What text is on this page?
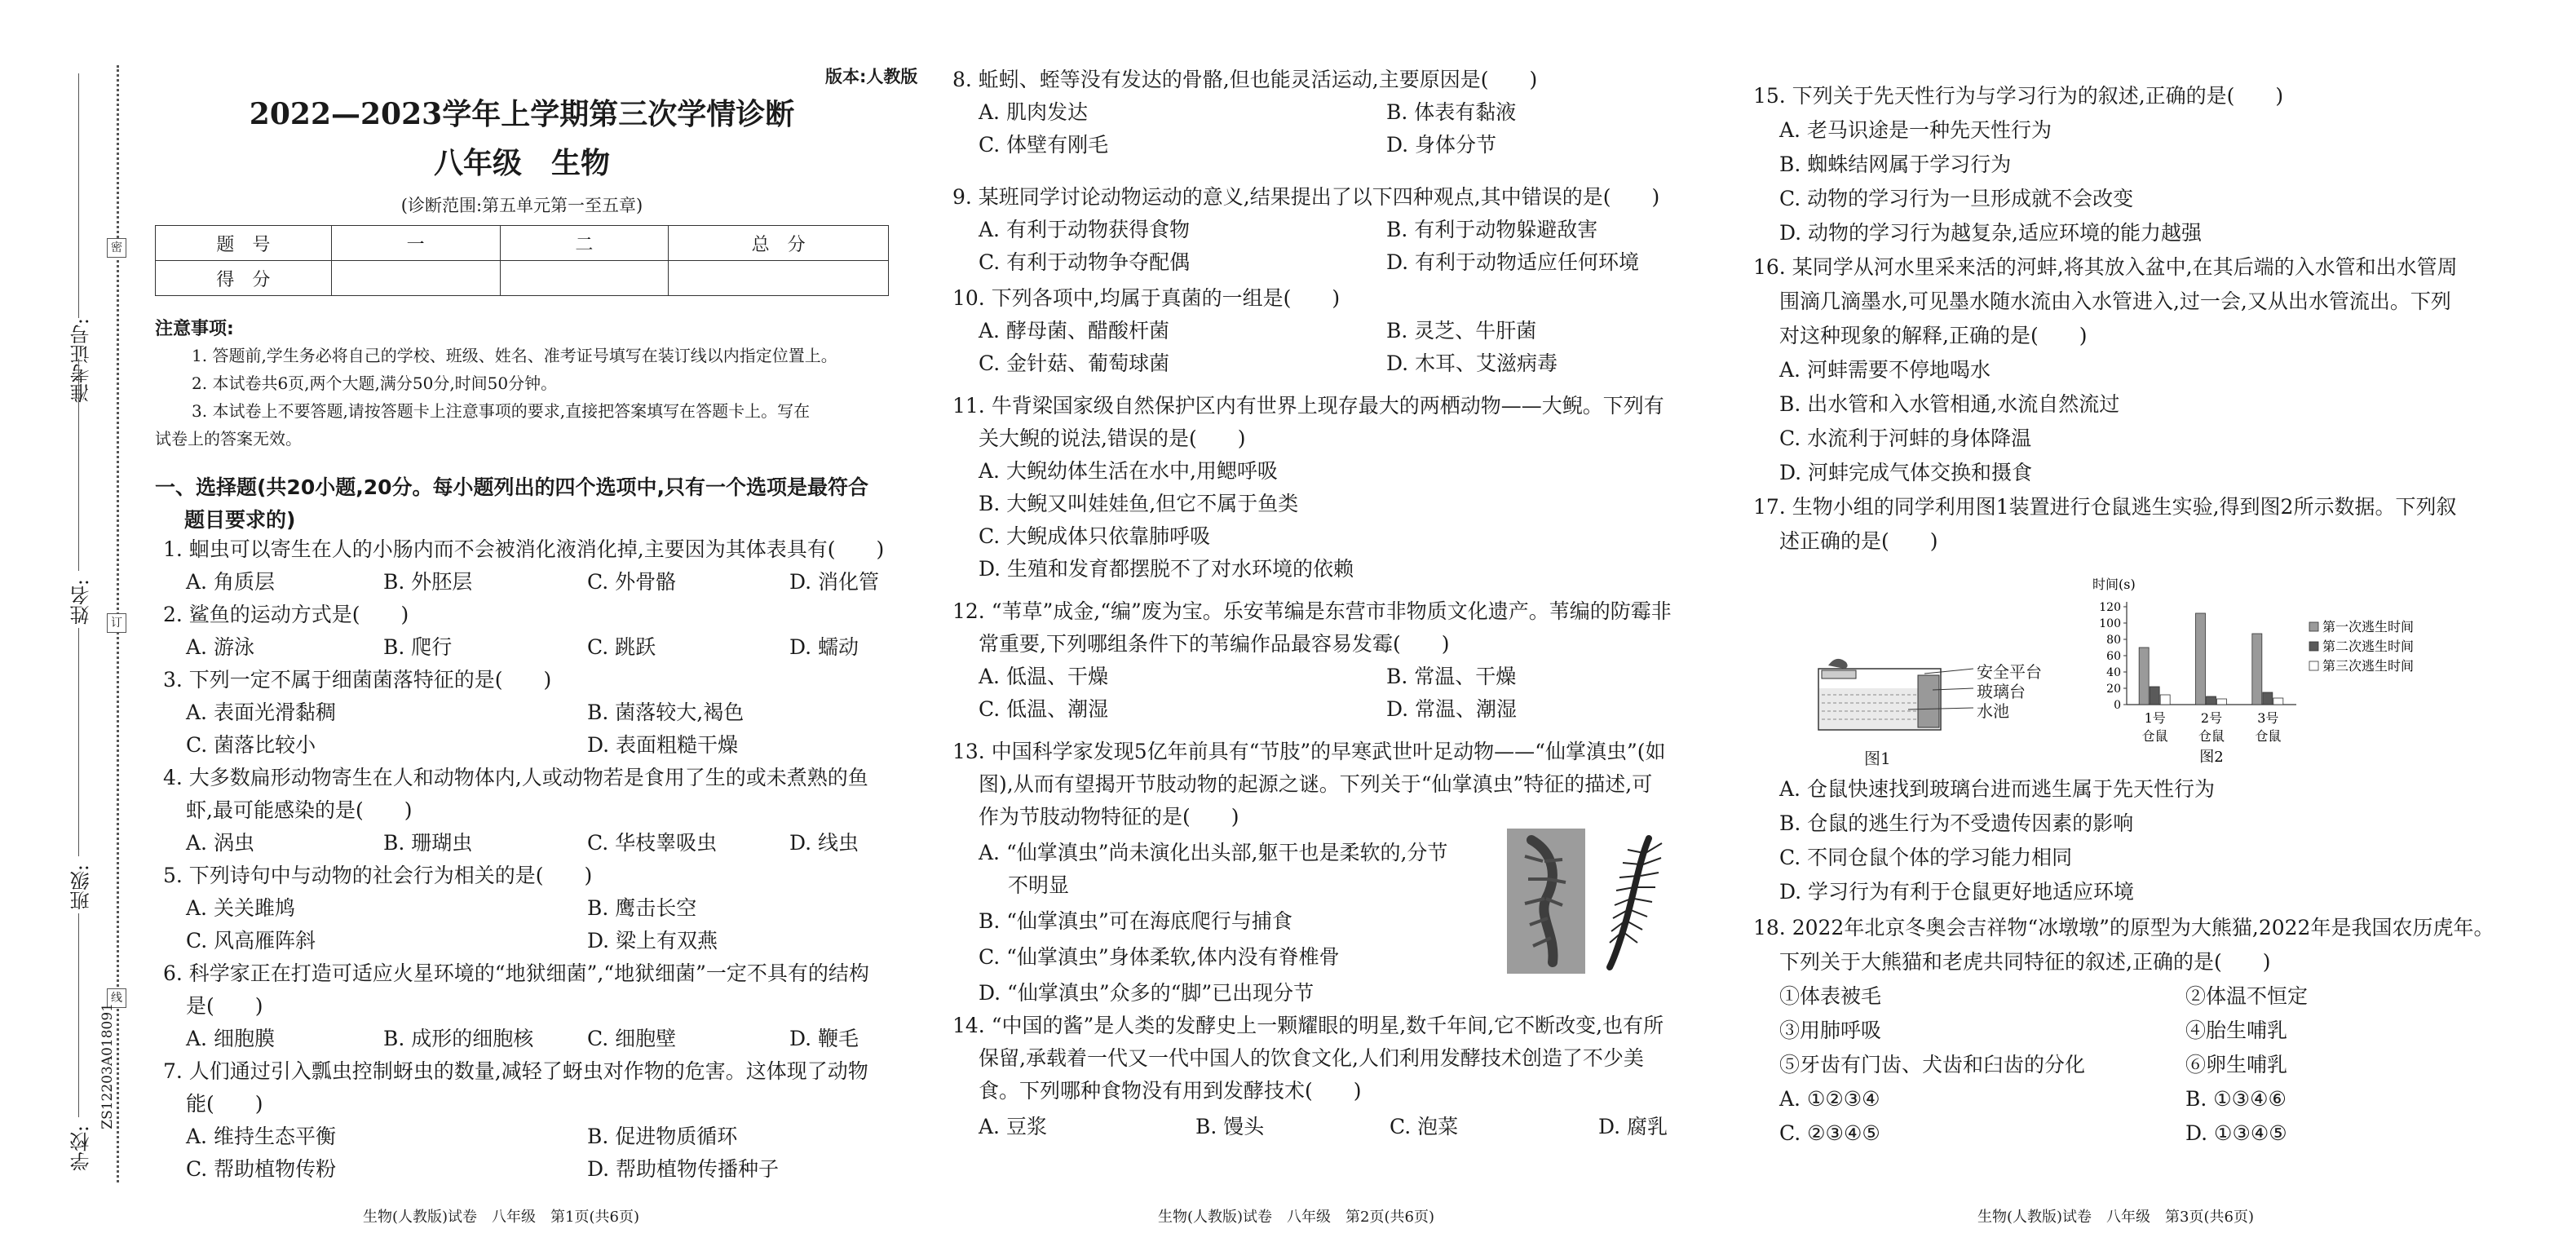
准考证号:
姓名:
班级:
学校:
密
订
线
ZS12203A018091
版本:人教版
2022—2023学年上学期第三次学情诊断
八年级　生物
(诊断范围:第五单元第一至五章)
题　号	一	二	总　分
得　分			
注意事项:
1. 答题前,学生务必将自己的学校、班级、姓名、准考证号填写在装订线以内指定位置上。
2. 本试卷共6页,两个大题,满分50分,时间50分钟。
3. 本试卷上不要答题,请按答题卡上注意事项的要求,直接把答案填写在答题卡上。写在
试卷上的答案无效。
一、选择题(共20小题,20分。每小题列出的四个选项中,只有一个选项是最符合
题目要求的)
1. 蛔虫可以寄生在人的小肠内而不会被消化液消化掉,主要因为其体表具有(　　)
A. 角质层	B. 外胚层	C. 外骨骼	D. 消化管
2. 鲨鱼的运动方式是(　　)
A. 游泳	B. 爬行	C. 跳跃	D. 蠕动
3. 下列一定不属于细菌菌落特征的是(　　)
A. 表面光滑黏稠	B. 菌落较大,褐色
C. 菌落比较小	D. 表面粗糙干燥
4. 大多数扁形动物寄生在人和动物体内,人或动物若是食用了生的或未煮熟的鱼
虾,最可能感染的是(　　)
A. 涡虫	B. 珊瑚虫	C. 华枝睾吸虫	D. 线虫
5. 下列诗句中与动物的社会行为相关的是(　　)
A. 关关雎鸠	B. 鹰击长空
C. 风高雁阵斜	D. 梁上有双燕
6. 科学家正在打造可适应火星环境的“地狱细菌”,“地狱细菌”一定不具有的结构
是(　　)
A. 细胞膜	B. 成形的细胞核	C. 细胞壁	D. 鞭毛
7. 人们通过引入瓢虫控制蚜虫的数量,减轻了蚜虫对作物的危害。这体现了动物
能(　　)
A. 维持生态平衡	B. 促进物质循环
C. 帮助植物传粉	D. 帮助植物传播种子
生物(人教版)试卷　八年级　第1页(共6页)
8. 蚯蚓、蛭等没有发达的骨骼,但也能灵活运动,主要原因是(　　)
A. 肌肉发达	B. 体表有黏液
C. 体壁有刚毛	D. 身体分节
9. 某班同学讨论动物运动的意义,结果提出了以下四种观点,其中错误的是(　　)
A. 有利于动物获得食物	B. 有利于动物躲避敌害
C. 有利于动物争夺配偶	D. 有利于动物适应任何环境
10. 下列各项中,均属于真菌的一组是(　　)
A. 酵母菌、醋酸杆菌	B. 灵芝、牛肝菌
C. 金针菇、葡萄球菌	D. 木耳、艾滋病毒
11. 牛背梁国家级自然保护区内有世界上现存最大的两栖动物——大鲵。下列有
关大鲵的说法,错误的是(　　)
A. 大鲵幼体生活在水中,用鳃呼吸
B. 大鲵又叫娃娃鱼,但它不属于鱼类
C. 大鲵成体只依靠肺呼吸
D. 生殖和发育都摆脱不了对水环境的依赖
12. “苇草”成金,“编”废为宝。乐安苇编是东营市非物质文化遗产。苇编的防霉非
常重要,下列哪组条件下的苇编作品最容易发霉(　　)
A. 低温、干燥	B. 常温、干燥
C. 低温、潮湿	D. 常温、潮湿
13. 中国科学家发现5亿年前具有“节肢”的早寒武世叶足动物——“仙掌滇虫”(如
图),从而有望揭开节肢动物的起源之谜。下列关于“仙掌滇虫”特征的描述,可
作为节肢动物特征的是(　　)
A. “仙掌滇虫”尚未演化出头部,躯干也是柔软的,分节
不明显
B. “仙掌滇虫”可在海底爬行与捕食
C. “仙掌滇虫”身体柔软,体内没有脊椎骨
D. “仙掌滇虫”众多的“脚”已出现分节
14. “中国的酱”是人类的发酵史上一颗耀眼的明星,数千年间,它不断改变,也有所
保留,承载着一代又一代中国人的饮食文化,人们利用发酵技术创造了不少美
食。下列哪种食物没有用到发酵技术(　　)
A. 豆浆	B. 馒头	C. 泡菜	D. 腐乳
生物(人教版)试卷　八年级　第2页(共6页)
15. 下列关于先天性行为与学习行为的叙述,正确的是(　　)
A. 老马识途是一种先天性行为
B. 蜘蛛结网属于学习行为
C. 动物的学习行为一旦形成就不会改变
D. 动物的学习行为越复杂,适应环境的能力越强
16. 某同学从河水里采来活的河蚌,将其放入盆中,在其后端的入水管和出水管周
围滴几滴墨水,可见墨水随水流由入水管进入,过一会,又从出水管流出。下列
对这种现象的解释,正确的是(　　)
A. 河蚌需要不停地喝水
B. 出水管和入水管相通,水流自然流过
C. 水流利于河蚌的身体降温
D. 河蚌完成气体交换和摄食
17. 生物小组的同学利用图1装置进行仓鼠逃生实验,得到图2所示数据。下列叙
述正确的是(　　)
安全平台
玻璃台
水池
图1
时间(s)
120
100
80
60
40
20
0
1号
仓鼠
2号
仓鼠
3号
仓鼠
第一次逃生时间
第二次逃生时间
第三次逃生时间
图2
A. 仓鼠快速找到玻璃台进而逃生属于先天性行为
B. 仓鼠的逃生行为不受遗传因素的影响
C. 不同仓鼠个体的学习能力相同
D. 学习行为有利于仓鼠更好地适应环境
18. 2022年北京冬奥会吉祥物“冰墩墩”的原型为大熊猫,2022年是我国农历虎年。
下列关于大熊猫和老虎共同特征的叙述,正确的是(　　)
①体表被毛	②体温不恒定
③用肺呼吸	④胎生哺乳
⑤牙齿有门齿、犬齿和臼齿的分化	⑥卵生哺乳
A. ①②③④	B. ①③④⑥
C. ②③④⑤	D. ①③④⑤
生物(人教版)试卷　八年级　第3页(共6页)
